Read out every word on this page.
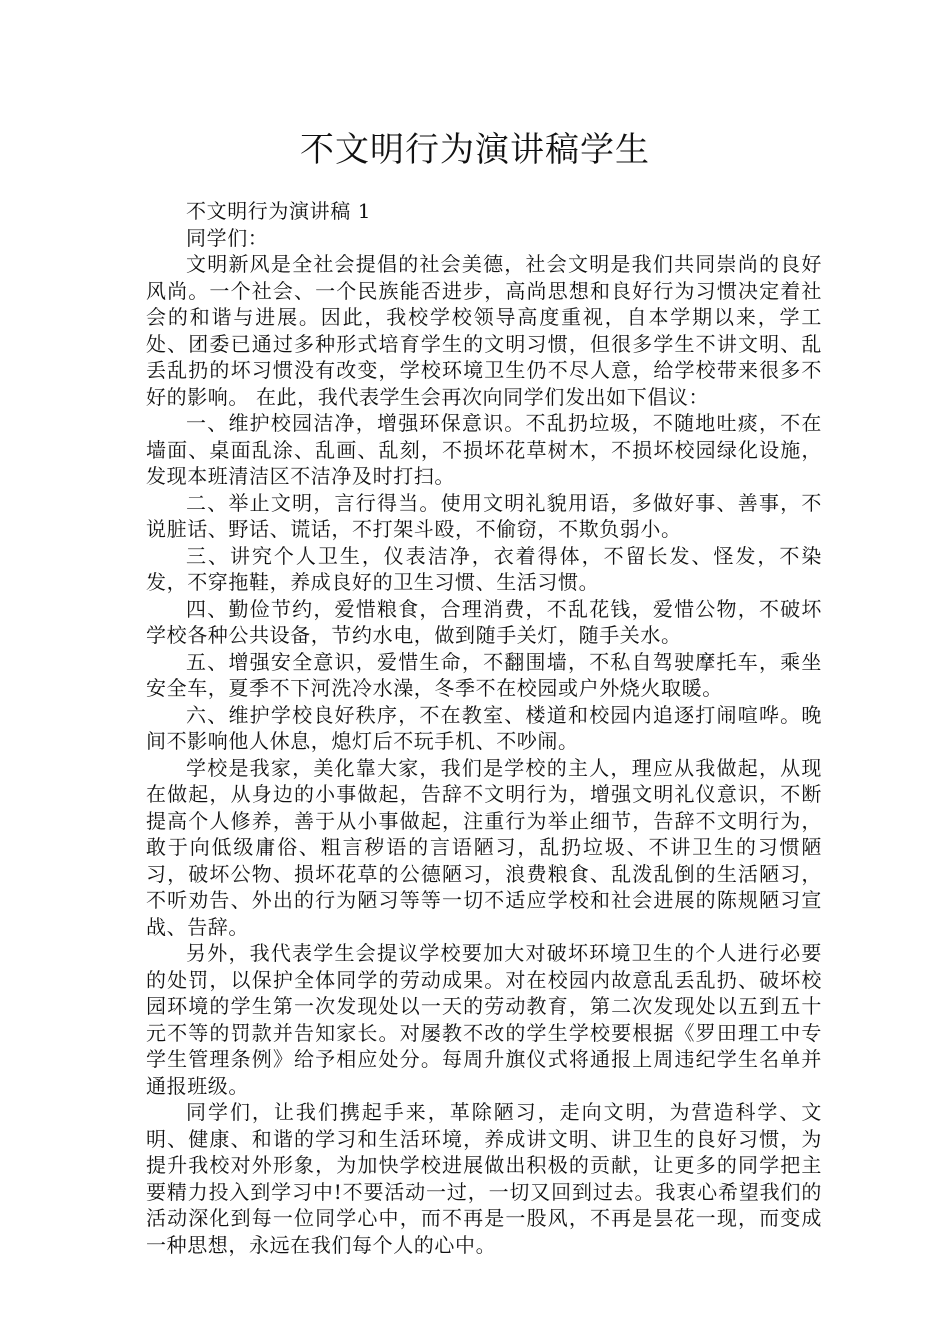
不文明行为演讲稿学生

不文明行为演讲稿 1

同学们：

文明新风是全社会提倡的社会美德，社会文明是我们共同崇尚的良好风尚。一个社会、一个民族能否进步，高尚思想和良好行为习惯决定着社会的和谐与进展。因此，我校学校领导高度重视，自本学期以来，学工处、团委已通过多种形式培育学生的文明习惯，但很多学生不讲文明、乱丢乱扔的坏习惯没有改变，学校环境卫生仍不尽人意，给学校带来很多不好的影响。 在此，我代表学生会再次向同学们发出如下倡议：

一、维护校园洁净，增强环保意识。不乱扔垃圾，不随地吐痰，不在墙面、桌面乱涂、乱画、乱刻，不损坏花草树木，不损坏校园绿化设施，发现本班清洁区不洁净及时打扫。

二、举止文明，言行得当。使用文明礼貌用语，多做好事、善事，不说脏话、野话、谎话，不打架斗殴，不偷窃，不欺负弱小。

三、讲究个人卫生，仪表洁净，衣着得体，不留长发、怪发，不染发，不穿拖鞋，养成良好的卫生习惯、生活习惯。

四、勤俭节约，爱惜粮食，合理消费，不乱花钱，爱惜公物，不破坏学校各种公共设备，节约水电，做到随手关灯，随手关水。

五、增强安全意识，爱惜生命，不翻围墙，不私自驾驶摩托车，乘坐安全车，夏季不下河洗冷水澡，冬季不在校园或户外烧火取暖。

六、维护学校良好秩序，不在教室、楼道和校园内追逐打闹喧哗。晚间不影响他人休息，熄灯后不玩手机、不吵闹。

学校是我家，美化靠大家，我们是学校的主人，理应从我做起，从现在做起，从身边的小事做起，告辞不文明行为，增强文明礼仪意识，不断提高个人修养，善于从小事做起，注重行为举止细节，告辞不文明行为，敢于向低级庸俗、粗言秽语的言语陋习，乱扔垃圾、不讲卫生的习惯陋习，破坏公物、损坏花草的公德陋习，浪费粮食、乱泼乱倒的生活陋习，不听劝告、外出的行为陋习等等一切不适应学校和社会进展的陈规陋习宣战、告辞。

另外，我代表学生会提议学校要加大对破坏环境卫生的个人进行必要的处罚，以保护全体同学的劳动成果。对在校园内故意乱丢乱扔、破坏校园环境的学生第一次发现处以一天的劳动教育，第二次发现处以五到五十元不等的罚款并告知家长。对屡教不改的学生学校要根据《罗田理工中专学生管理条例》给予相应处分。每周升旗仪式将通报上周违纪学生名单并通报班级。

同学们，让我们携起手来，革除陋习，走向文明，为营造科学、文明、健康、和谐的学习和生活环境，养成讲文明、讲卫生的良好习惯，为提升我校对外形象，为加快学校进展做出积极的贡献，让更多的同学把主要精力投入到学习中!不要活动一过，一切又回到过去。我衷心希望我们的活动深化到每一位同学心中，而不再是一股风，不再是昙花一现，而变成一种思想，永远在我们每个人的心中。
